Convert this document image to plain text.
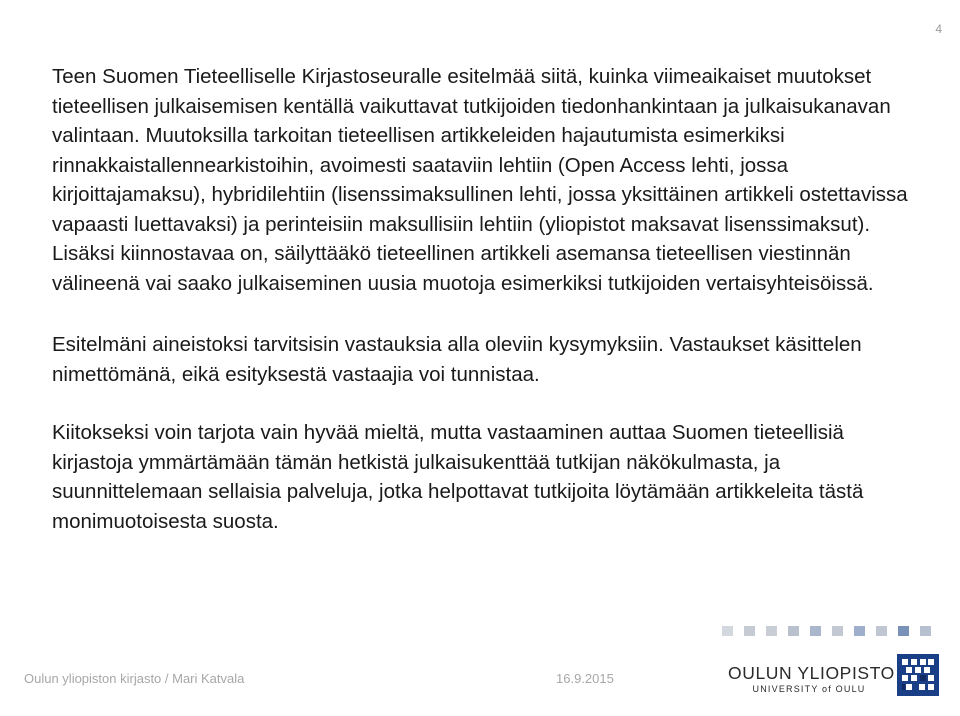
4

Teen Suomen Tieteelliselle Kirjastoseuralle esitelmää siitä, kuinka viimeaikaiset muutokset tieteellisen julkaisemisen kentällä vaikuttavat tutkijoiden tiedonhankintaan ja julkaisukanavan valintaan. Muutoksilla tarkoitan tieteellisen artikkeleiden hajautumista esimerkiksi rinnakkaistallennearkistoihin, avoimesti saataviin lehtiin (Open Access lehti, jossa kirjoittajamaksu), hybridilehtiin (lisenssimaksullinen lehti, jossa yksittäinen artikkeli ostettavissa vapaasti luettavaksi) ja perinteisiin maksullisiin lehtiin (yliopistot maksavat lisenssimaksut). Lisäksi kiinnostavaa on, säilyttääkö tieteellinen artikkeli asemansa tieteellisen viestinnän välineenä vai saako julkaiseminen uusia muotoja esimerkiksi tutkijoiden vertaisyhteisöissä.

Esitelmäni aineistoksi tarvitsisin vastauksia alla oleviin kysymyksiin. Vastaukset käsittelen nimettömänä, eikä esityksestä vastaajia voi tunnistaa.

Kiitokseksi voin tarjota vain hyvää mieltä, mutta vastaaminen auttaa Suomen tieteellisiä kirjastoja ymmärtämään tämän hetkistä julkaisukenttää tutkijan näkökulmasta, ja suunnittelemaan sellaisia palveluja, jotka helpottavat tutkijoita löytämään artikkeleita tästä monimuotoisesta suosta.

Oulun yliopiston kirjasto / Mari Katvala	16.9.2015	OULUN YLIOPISTO
UNIVERSITY of OULU
